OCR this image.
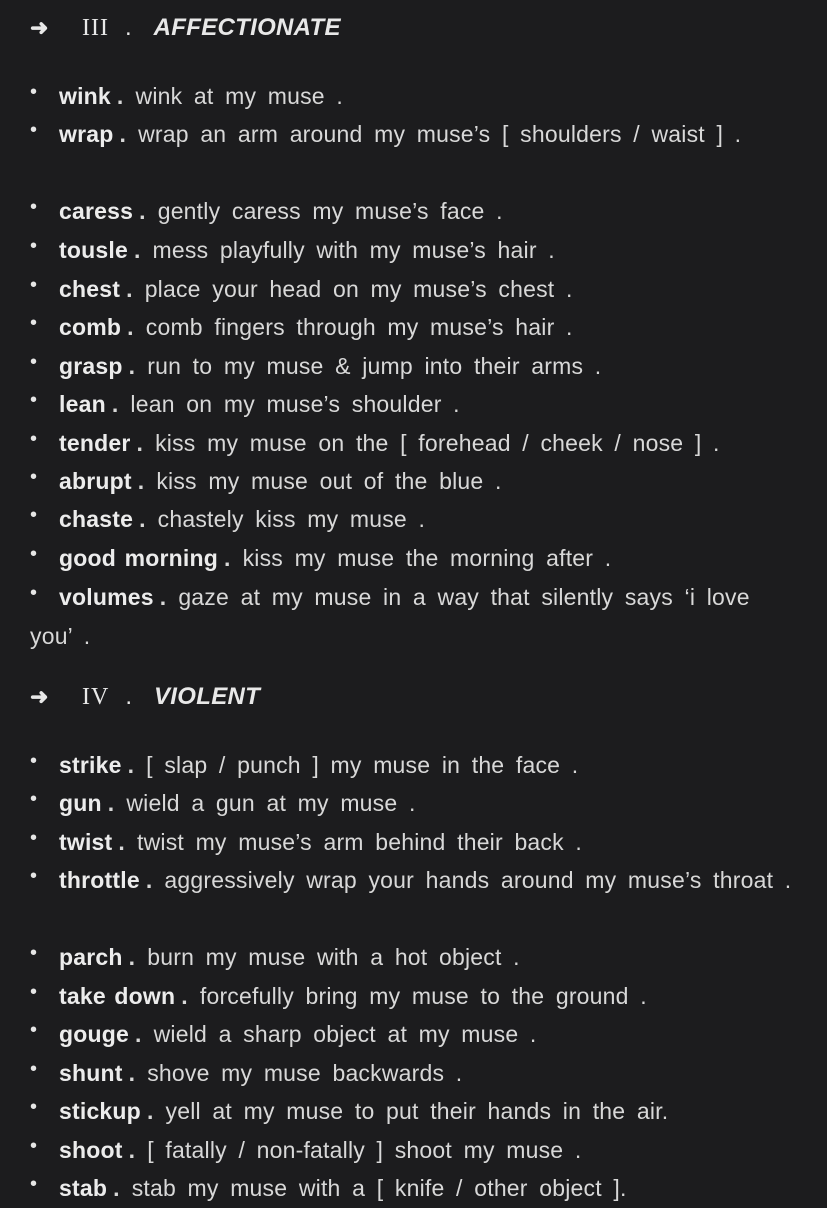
➜	III . AFFECTIONATE
• wink . wink at my muse .
• wrap . wrap an arm around my muse’s [ shoulders / waist ] .
• caress . gently caress my muse’s face .
• tousle . mess playfully with my muse’s hair .
• chest . place your head on my muse’s chest .
• comb . comb fingers through my muse’s hair .
• grasp . run to my muse & jump into their arms .
• lean . lean on my muse’s shoulder .
• tender . kiss my muse on the [ forehead / cheek / nose ] .
• abrupt . kiss my muse out of the blue .
• chaste . chastely kiss my muse .
• good morning . kiss my muse the morning after .
• volumes . gaze at my muse in a way that silently says ‘i love you’ .
➜	IV . VIOLENT
• strike . [ slap / punch ] my muse in the face .
• gun . wield a gun at my muse .
• twist . twist my muse’s arm behind their back .
• throttle . aggressively wrap your hands around my muse’s throat .
• parch . burn my muse with a hot object .
• take down . forcefully bring my muse to the ground .
• gouge . wield a sharp object at my muse .
• shunt . shove my muse backwards .
• stickup . yell at my muse to put their hands in the air.
• shoot . [ fatally / non-fatally ] shoot my muse .
• stab . stab my muse with a [ knife / other object ].
